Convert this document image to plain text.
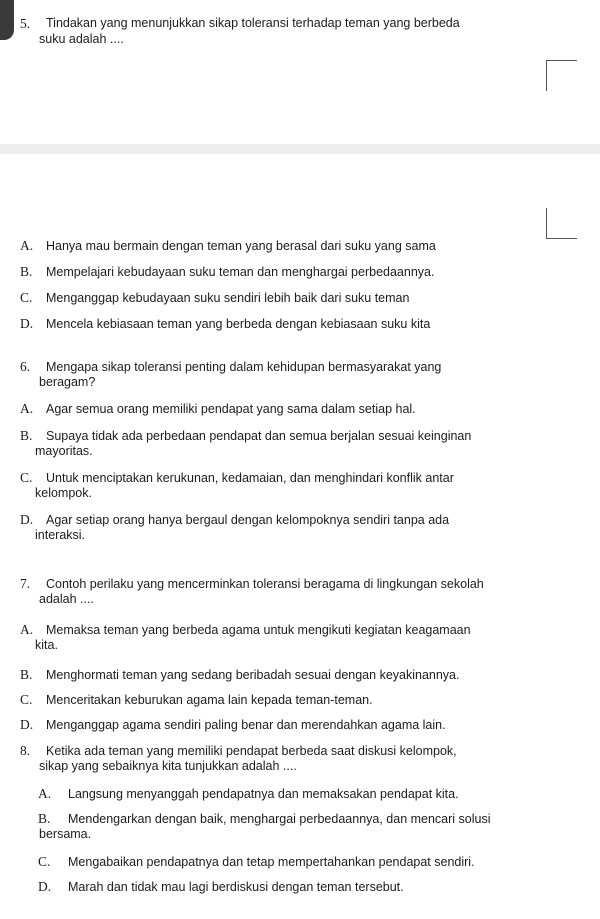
5. Tindakan yang menunjukkan sikap toleransi terhadap teman yang berbeda
suku adalah ....
A. Hanya mau bermain dengan teman yang berasal dari suku yang sama
B. Mempelajari kebudayaan suku teman dan menghargai perbedaannya.
C. Menganggap kebudayaan suku sendiri lebih baik dari suku teman
D. Mencela kebiasaan teman yang berbeda dengan kebiasaan suku kita
6. Mengapa sikap toleransi penting dalam kehidupan bermasyarakat yang
beragam?
A. Agar semua orang memiliki pendapat yang sama dalam setiap hal.
B. Supaya tidak ada perbedaan pendapat dan semua berjalan sesuai keinginan
mayoritas.
C. Untuk menciptakan kerukunan, kedamaian, dan menghindari konflik antar
kelompok.
D. Agar setiap orang hanya bergaul dengan kelompoknya sendiri tanpa ada
interaksi.
7. Contoh perilaku yang mencerminkan toleransi beragama di lingkungan sekolah
adalah ....
A. Memaksa teman yang berbeda agama untuk mengikuti kegiatan keagamaan
kita.
B. Menghormati teman yang sedang beribadah sesuai dengan keyakinannya.
C. Menceritakan keburukan agama lain kepada teman-teman.
D. Menganggap agama sendiri paling benar dan merendahkan agama lain.
8. Ketika ada teman yang memiliki pendapat berbeda saat diskusi kelompok,
sikap yang sebaiknya kita tunjukkan adalah ....
A. Langsung menyanggah pendapatnya dan memaksakan pendapat kita.
B. Mendengarkan dengan baik, menghargai perbedaannya, dan mencari solusi
bersama.
C. Mengabaikan pendapatnya dan tetap mempertahankan pendapat sendiri.
D. Marah dan tidak mau lagi berdiskusi dengan teman tersebut.
